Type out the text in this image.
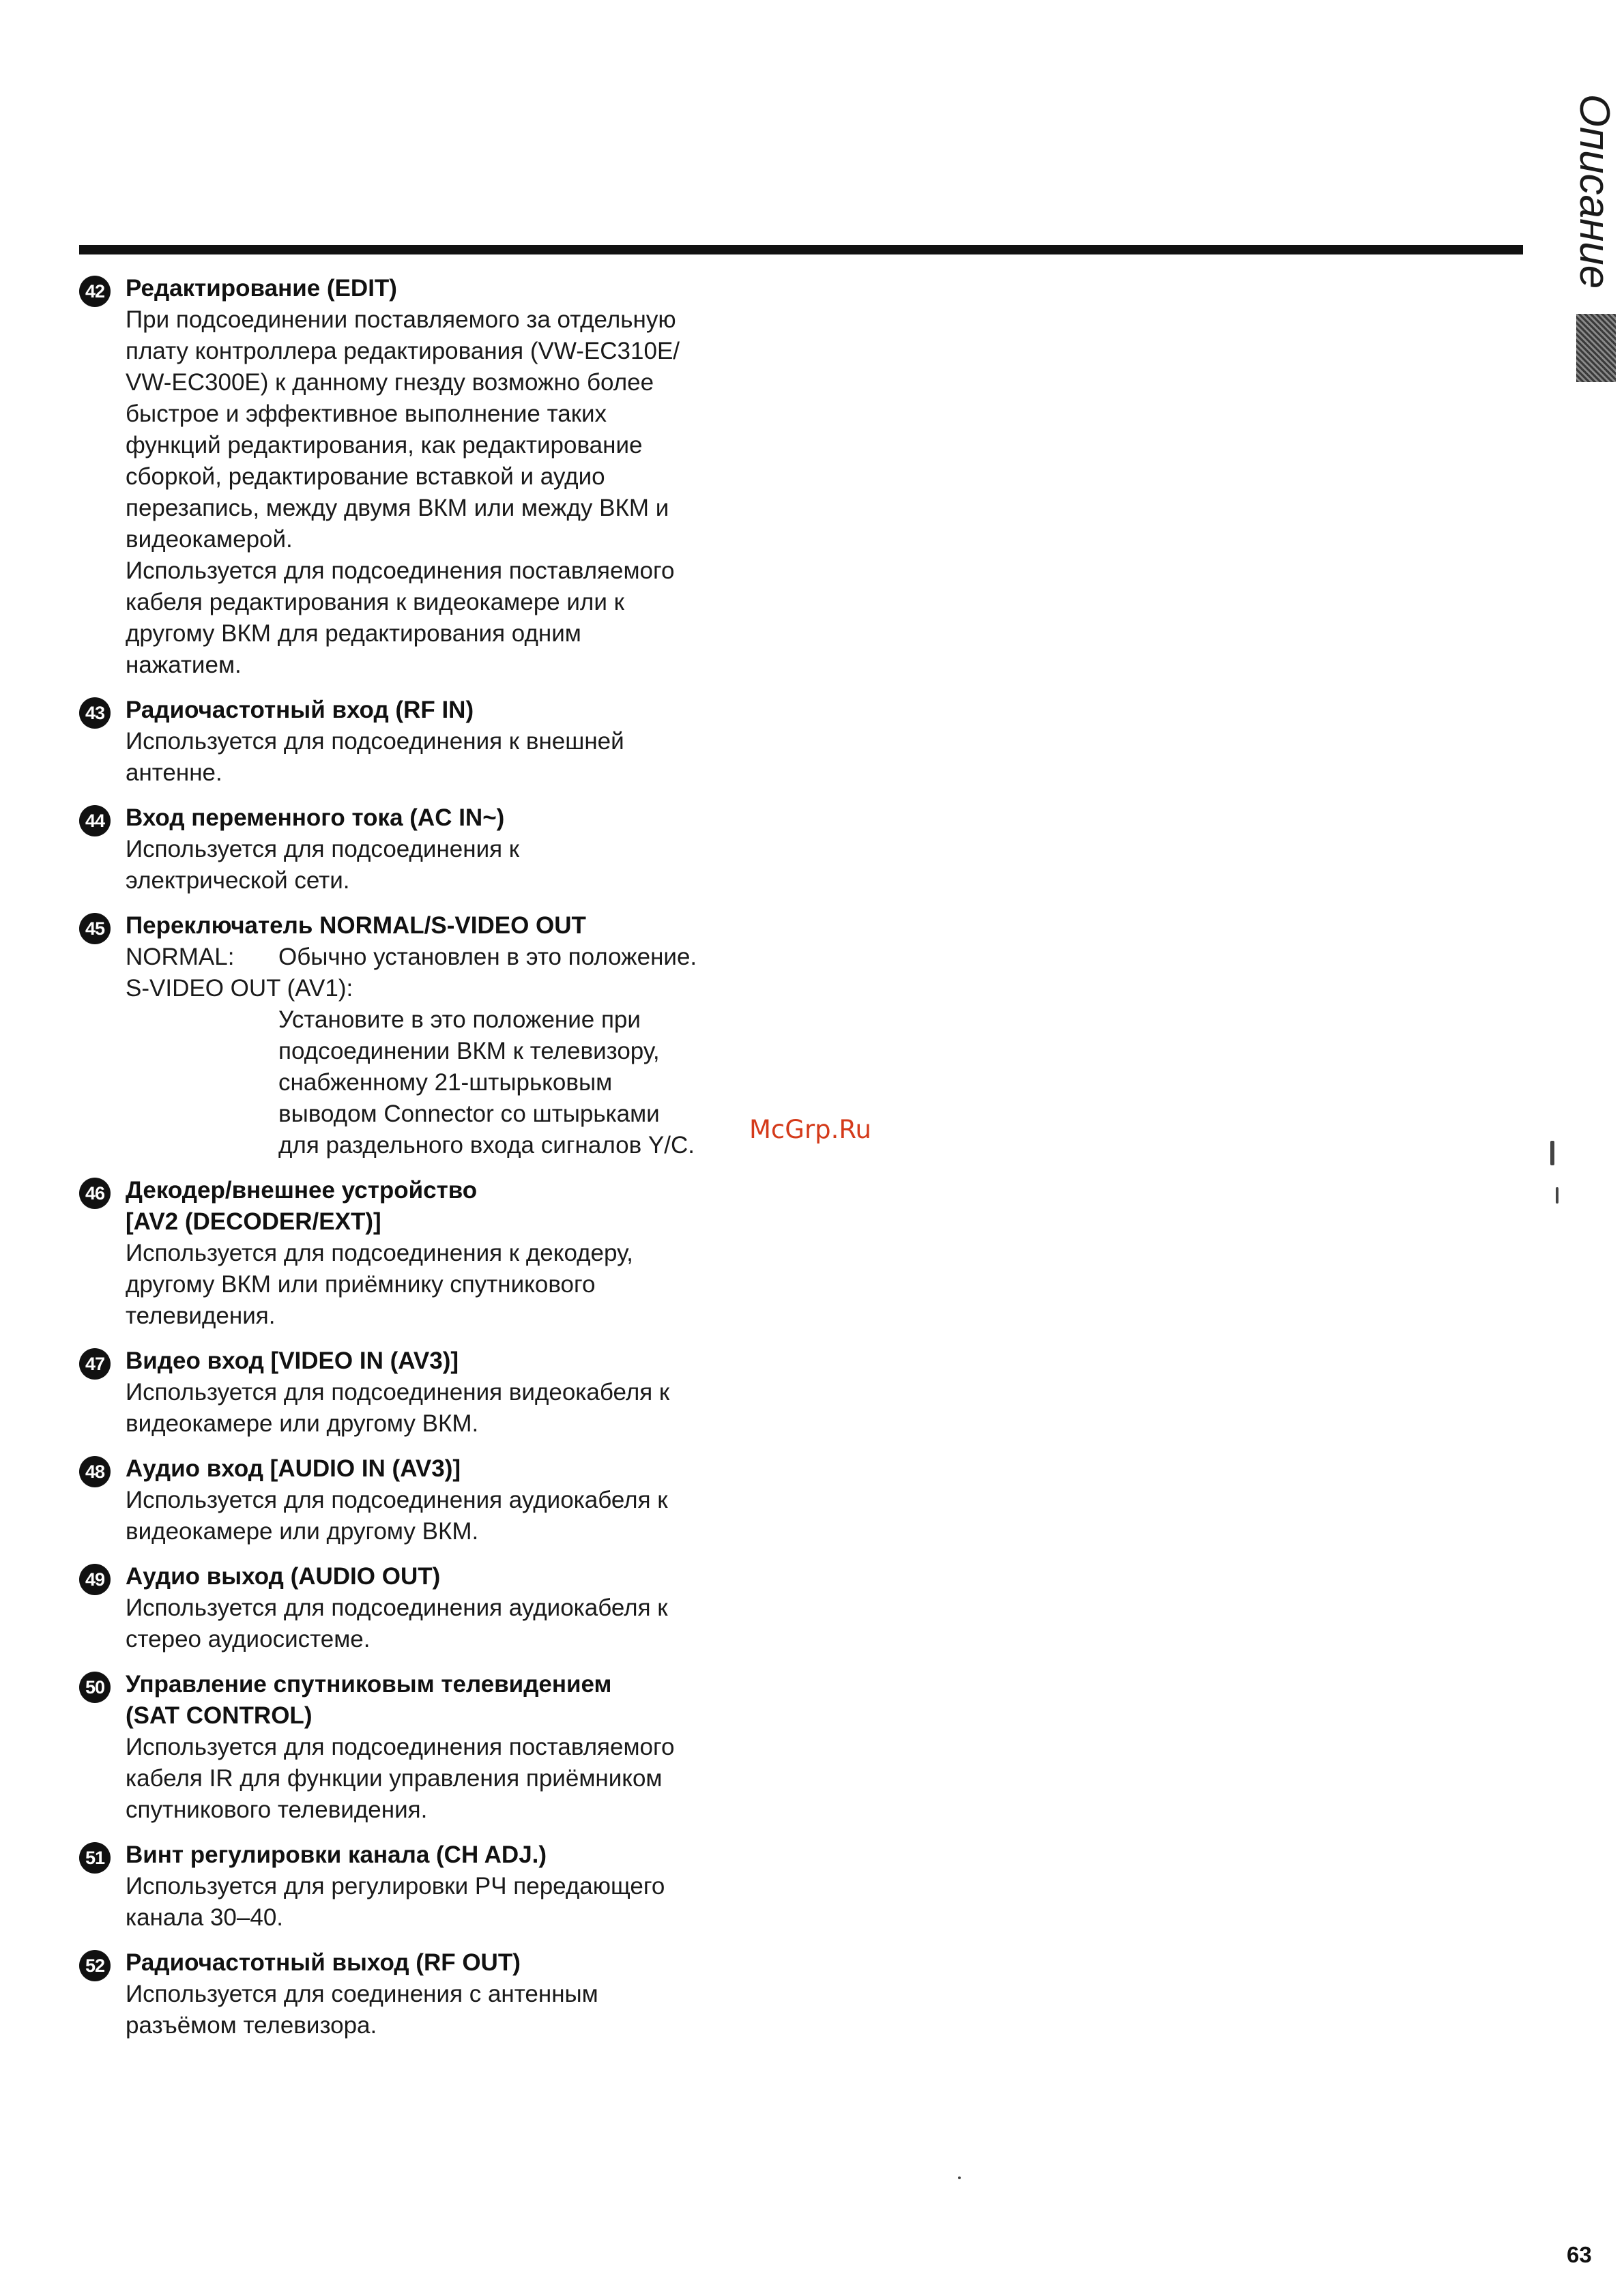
Описание
42 Редактирование (EDIT)
При подсоединении поставляемого за отдельную
плату контроллера редактирования (VW-EC310E/
VW-EC300E) к данному гнезду возможно более
быстрое и эффективное выполнение таких
функций редактирования, как редактирование
сборкой, редактирование вставкой и аудио
перезапись, между двумя ВКМ или между ВКМ и
видеокамерой.
Используется для подсоединения поставляемого
кабеля редактирования к видеокамере или к
другому ВКМ для редактирования одним
нажатием.
43 Радиочастотный вход (RF IN)
Используется для подсоединения к внешней
антенне.
44 Вход переменного тока (AC IN~)
Используется для подсоединения к
электрической сети.
45 Переключатель NORMAL/S-VIDEO OUT
NORMAL:	Обычно установлен в это положение.
S-VIDEO OUT (AV1):
Установите в это положение при
подсоединении ВКМ к телевизору,
снабженному 21-штырьковым
выводом Connector со штырьками
для раздельного входа сигналов Y/C.
46 Декодер/внешнее устройство
[AV2 (DECODER/EXT)]
Используется для подсоединения к декодеру,
другому ВКМ или приёмнику спутникового
телевидения.
47 Видео вход [VIDEO IN (AV3)]
Используется для подсоединения видеокабеля к
видеокамере или другому ВКМ.
48 Аудио вход [AUDIO IN (AV3)]
Используется для подсоединения аудиокабеля к
видеокамере или другому ВКМ.
49 Аудио выход (AUDIO OUT)
Используется для подсоединения аудиокабеля к
стерео аудиосистеме.
50 Управление спутниковым телевидением
(SAT CONTROL)
Используется для подсоединения поставляемого
кабеля IR для функции управления приёмником
спутникового телевидения.
51 Винт регулировки канала (CH ADJ.)
Используется для регулировки РЧ передающего
канала 30–40.
52 Радиочастотный выход (RF OUT)
Используется для соединения с антенным
разъёмом телевизора.
McGrp.Ru
63
